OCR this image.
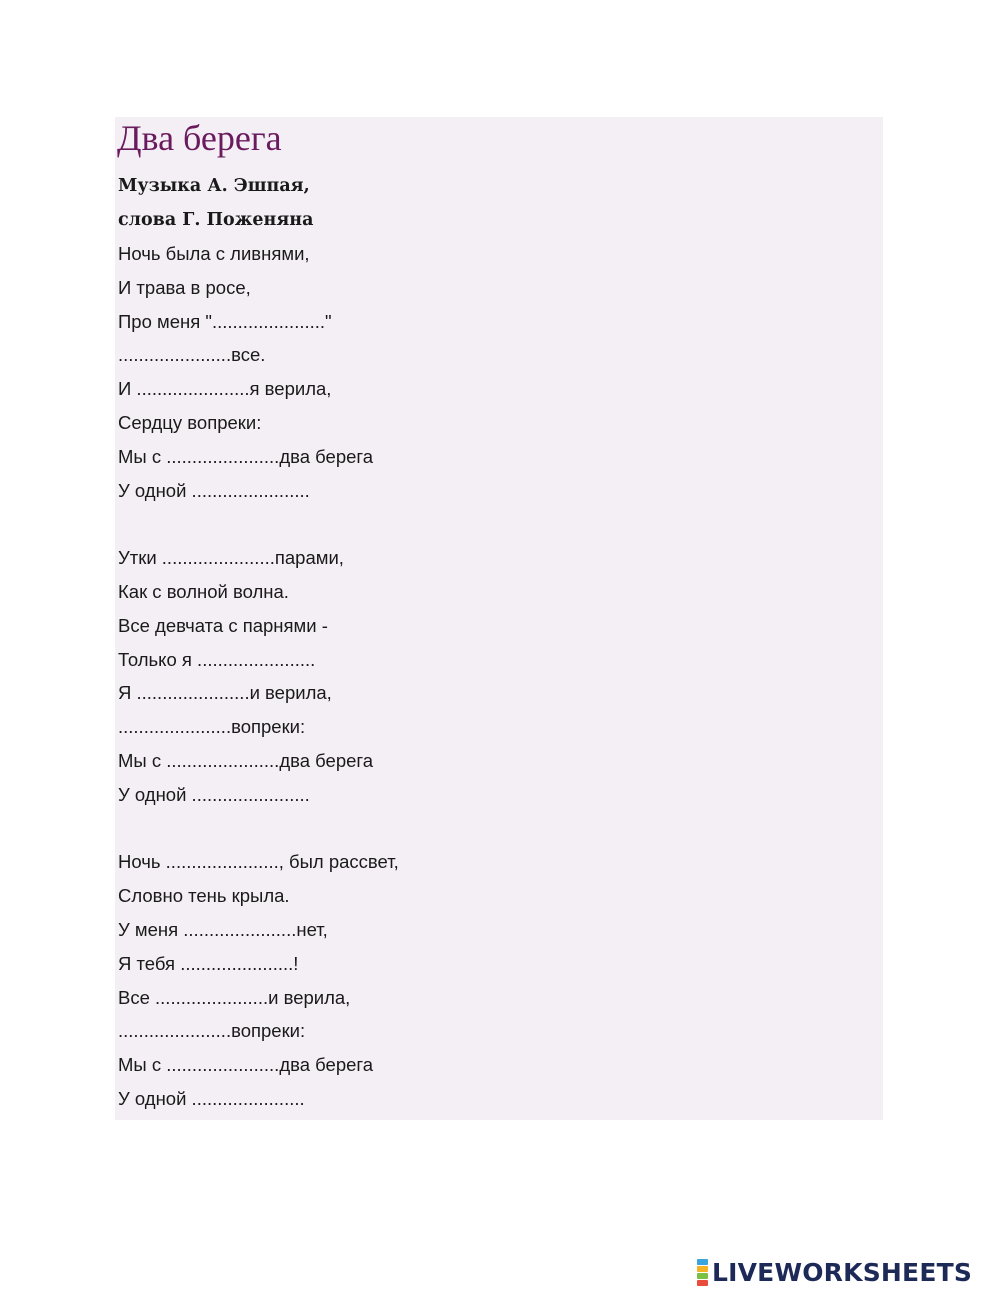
Два берега
Музыка А. Эшпая,
слова Г. Поженяна
Ночь была с ливнями,
И трава в росе,
Про меня "......................"
......................все.
И ......................я верила,
Сердцу вопреки:
Мы с ......................два берега
У одной .......................
Утки ......................парами,
Как с волной волна.
Все девчата с парнями -
Только я .......................
Я ......................и верила,
......................вопреки:
Мы с ......................два берега
У одной .......................
Ночь ......................, был рассвет,
Словно тень крыла.
У меня ......................нет,
Я тебя ......................!
Все ......................и верила,
......................вопреки:
Мы с ......................два берега
У одной ......................
LIVEWORKSHEETS
